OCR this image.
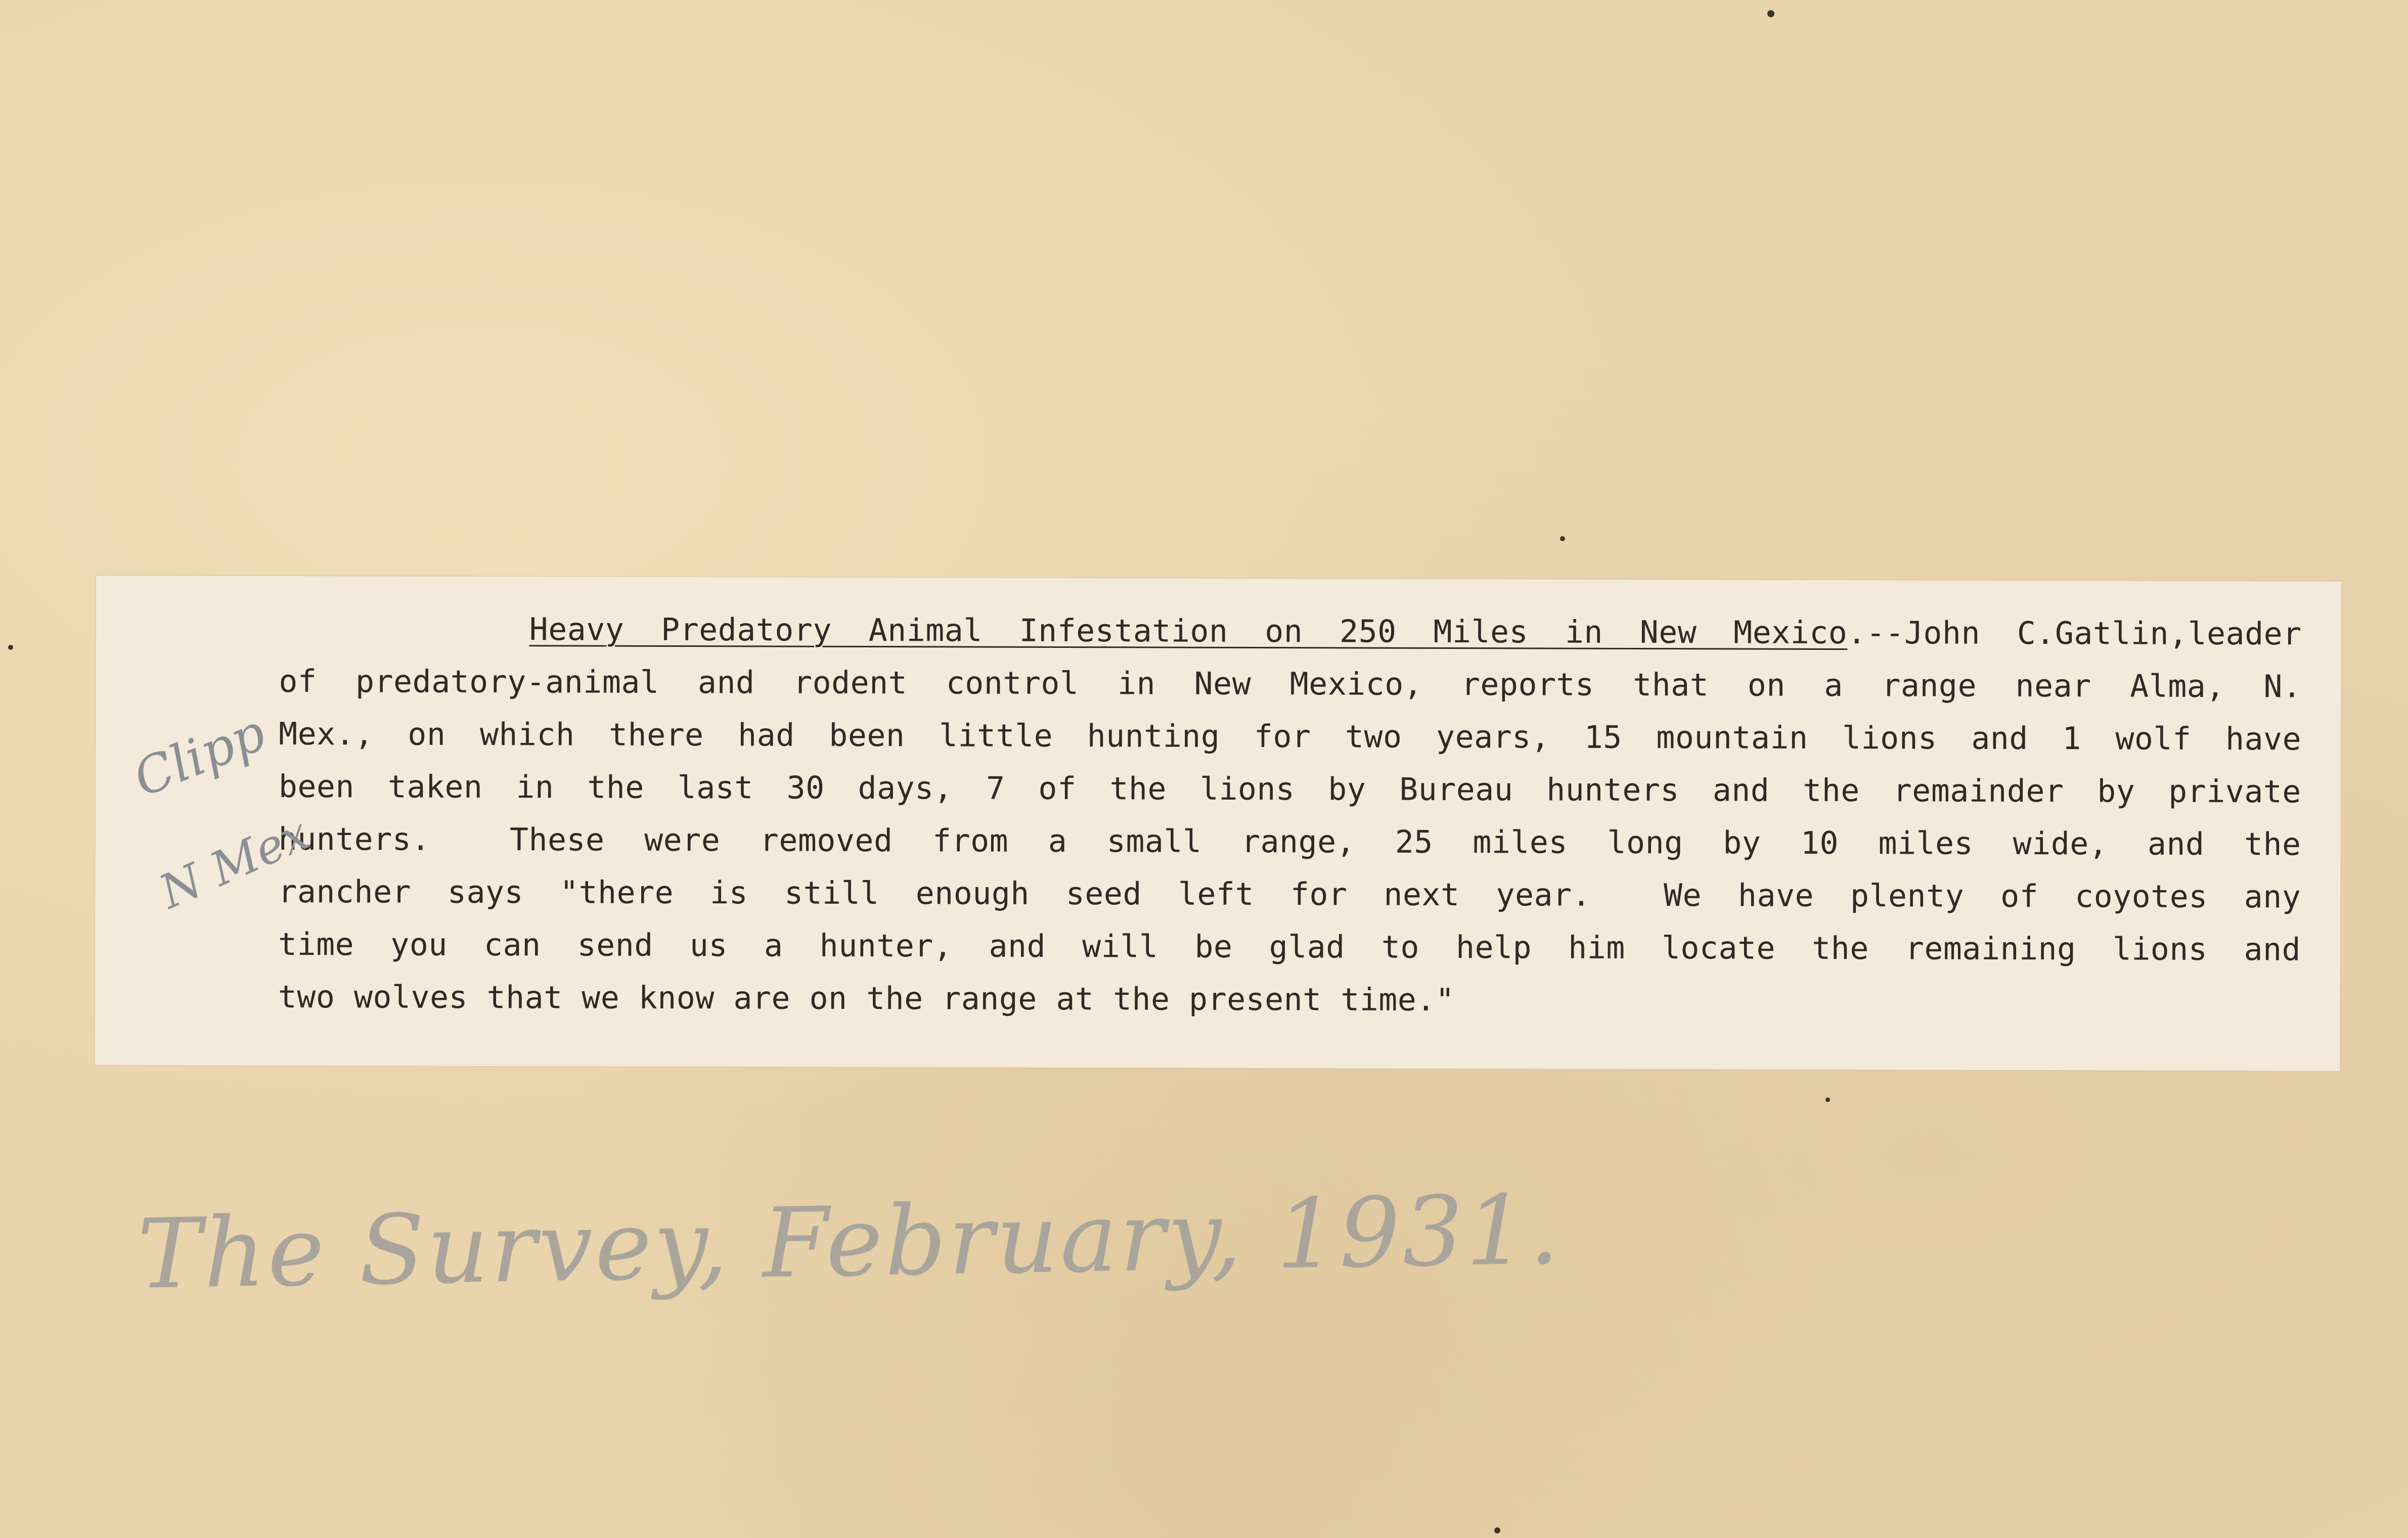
Heavy Predatory Animal Infestation on 250 Miles in New Mexico.--John C.Gatlin,leader
of predatory-animal and rodent control in New Mexico, reports that on a range near Alma, N.
Mex., on which there had been little hunting for two years, 15 mountain lions and 1 wolf have
been taken in the last 30 days, 7 of the lions by Bureau hunters and the remainder by private
hunters.  These were removed from a small range, 25 miles long by 10 miles wide, and the
rancher says "there is still enough seed left for next year.  We have plenty of coyotes any
time you can send us a hunter, and will be glad to help him locate the remaining lions and
two wolves that we know are on the range at the present time."
Clipp
N Mex
The Survey, February, 1931.
